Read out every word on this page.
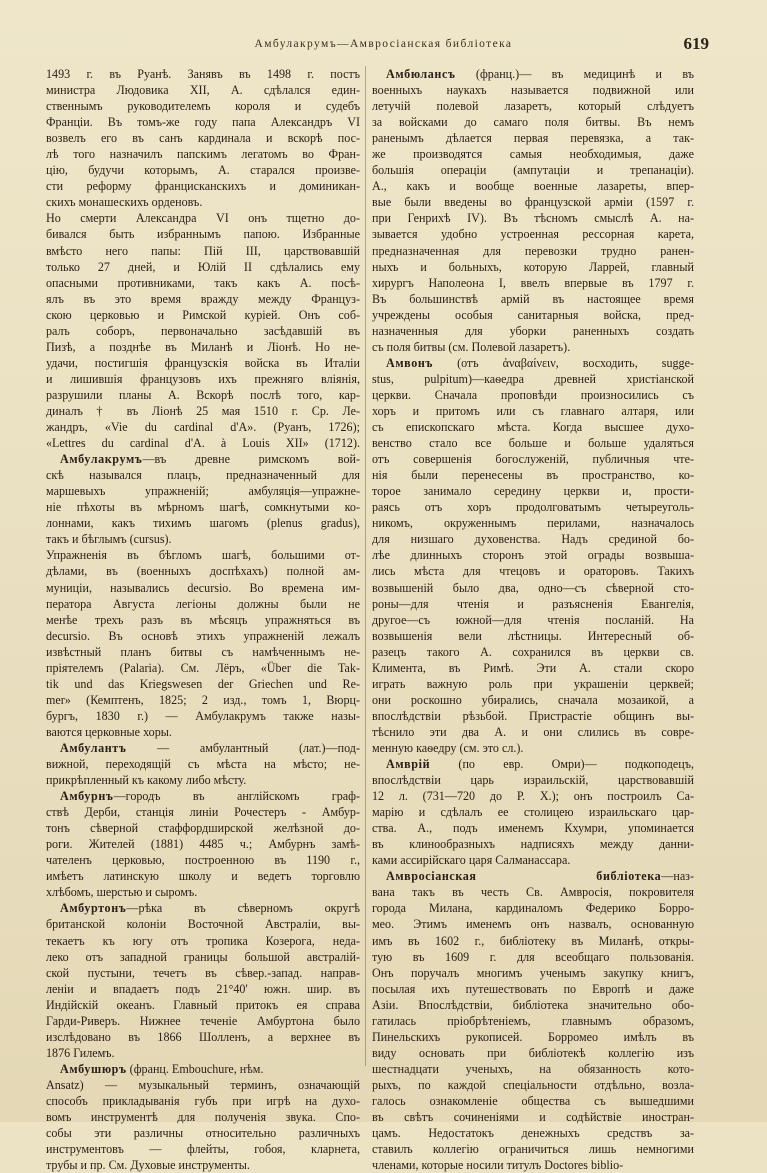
Амбулакрумъ—Амвросіанская библіотека	619
1493 г. въ Руанѣ. Занявъ въ 1498 г. постъ
министра Людовика XII, А. сдѣлался един-
ственнымъ руководителемъ короля и судебъ
Франціи. Въ томъ-же году папа Александръ VI
возвелъ его въ санъ кардинала и вскорѣ пос-
лѣ того назначилъ папскимъ легатомъ во Фран-
цію, будучи которымъ, А. старался произве-
сти реформу францисканскихъ и доминикан-
скихъ монашескихъ орденовъ.
Но смерти Александра VI онъ тщетно до-
бивался быть избраннымъ папою. Избранные
вмѣсто него папы: Пій III, царствовавшій
только 27 дней, и Юлій II сдѣлались ему
опасными противниками, такъ какъ А. посѣ-
ялъ въ это время вражду между Француз-
скою церковью и Римской куріей. Онъ соб-
ралъ соборъ, первоначально засѣдавшій въ
Пизѣ, а позднѣе въ Миланѣ и Ліонѣ. Но не-
удачи, постигшія французскія войска въ Италіи
и лишившія французовъ ихъ прежняго вліянія,
разрушили планы А. Вскорѣ послѣ того, кар-
диналъ † въ Ліонѣ 25 мая 1510 г. Ср. Ле-
жандръ, «Vie du cardinal d'A». (Руанъ, 1726);
«Lettres du cardinal d'A. à Louis XII» (1712).
Амбулакрумъ—въ древне римскомъ вой-
скѣ назывался плацъ, предназначенный для
маршевыхъ упражненій; амбуляція—упражне-
ніе пѣхоты въ мѣрномъ шагѣ, сомкнутыми ко-
лоннами, какъ тихимъ шагомъ (plenus gradus),
такъ и бѣглымъ (cursus).
Упражненія въ бѣгломъ шагѣ, большими от-
дѣлами, въ (военныхъ доспѣхахъ) полной ам-
муниціи, назывались decursio. Во времена им-
ператора Августа легіоны должны были не
менѣе трехъ разъ въ мѣсяцъ упражняться въ
decursio. Въ основѣ этихъ упражненій лежалъ
извѣстный планъ битвы съ намѣченнымъ не-
пріятелемъ (Palaria). См. Лёръ, «Über die Tak-
tik und das Kriegswesen der Griechen und Re-
mer» (Кемптенъ, 1825; 2 изд., томъ 1, Вюрц-
бургъ, 1830 г.) — Амбулакрумъ также назы-
ваются церковные хоры.
Амбулантъ — амбулантный (лат.)—под-
вижной, переходящій съ мѣста на мѣсто; не-
прикрѣпленный къ какому либо мѣсту.
Амбурнъ—городъ въ англійскомъ граф-
ствѣ Дерби, станція линіи Рочестеръ - Амбур-
тонъ сѣверной стаффордширской желѣзной до-
роги. Жителей (1881) 4485 ч.; Амбурнъ замѣ-
чателенъ церковью, построенною въ 1190 г.,
имѣетъ латинскую школу и ведетъ торговлю
хлѣбомъ, шерстью и сыромъ.
Амбуртонъ—рѣка въ сѣверномъ округѣ
британской колоніи Восточной Австраліи, вы-
текаетъ къ югу отъ тропика Козерога, неда-
леко отъ западной границы большой австралій-
ской пустыни, течетъ въ сѣвер.-запад. направ-
леніи и впадаетъ подъ 21°40' южн. шир. въ
Индійскій океанъ. Главный притокъ ея справа
Гарди-Риверъ. Нижнее теченіе Амбуртона было
изслѣдовано въ 1866 Шолленъ, а верхнее въ
1876 Гилемъ.
Амбушюръ (франц. Embouchure, нѣм.
Ansatz) — музыкальный терминъ, означающій
способъ прикладыванія губъ при игрѣ на духо-
вомъ инструментѣ для полученія звука. Спо-
собы эти различны относительно различныхъ
инструментовъ — флейты, гобоя, кларнета,
трубы и пр. См. Духовые инструменты.
Амбюлансъ (франц.)— въ медицинѣ и въ
военныхъ наукахъ называется подвижной или
летучій полевой лазаретъ, который слѣдуетъ
за войсками до самаго поля битвы. Въ немъ
раненымъ дѣлается первая перевязка, а так-
же производятся самыя необходимыя, даже
большія операціи (ампутаціи и трепанаціи).
А., какъ и вообще военные лазареты, впер-
вые были введены во французской арміи (1597 г.
при Генрихѣ IV). Въ тѣсномъ смыслѣ А. на-
зывается удобно устроенная рессорная карета,
предназначенная для перевозки трудно ранен-
ныхъ и больныхъ, которую Ларрей, главный
хирургъ Наполеона I, ввелъ впервые въ 1797 г.
Въ большинствѣ армій въ настоящее время
учреждены особыя санитарныя войска, пред-
назначенныя для уборки раненныхъ создать
съ поля битвы (см. Полевой лазаретъ).
Амвонъ (отъ ἀναβαίνειν, восходить, sugge-
stus, pulpitum)—каѳедра древней христіанской
церкви. Сначала проповѣди произносились съ
хоръ и притомъ или съ главнаго алтаря, или
съ епископскаго мѣста. Когда высшее духо-
венство стало все больше и больше удаляться
отъ совершенія богослуженій, публичныя чте-
нія были перенесены въ пространство, ко-
торое занимало середину церкви и, прости-
раясь отъ хоръ продолговатымъ четыреуголь-
никомъ, окруженнымъ перилами, назначалось
для низшаго духовенства. Надъ срединой бо-
лѣе длинныхъ сторонъ этой ограды возвыша-
лись мѣста для чтецовъ и ораторовъ. Такихъ
возвышеній было два, одно—съ сѣверной сто-
роны—для чтенія и разъясненія Евангелія,
другое—съ южной—для чтенія посланій. На
возвышенія вели лѣстницы. Интересный об-
разецъ такого А. сохранился въ церкви св.
Климента, въ Римѣ. Эти А. стали скоро
играть важную роль при украшеніи церквей;
они роскошно убирались, сначала мозаикой, а
впослѣдствіи рѣзьбой. Пристрастіе общинъ вы-
тѣснило эти два А. и они слились въ совре-
менную каѳедру (см. это сл.).
Амврій (по евр. Омри)— подкоподецъ,
впослѣдствіи царь израильскій, царствовавшій
12 л. (731—720 до Р. Х.); онъ построилъ Са-
марію и сдѣлалъ ее столицею израильскаго цар-
ства. А., подъ именемъ Кхумри, упоминается
въ клинообразныхъ надписяхъ между данни-
ками ассирійскаго царя Салманассара.
Амвросіанская библіотека—наз-
вана такъ въ честь Св. Амвросія, покровителя
города Милана, кардиналомъ Федерико Борро-
мео. Этимъ именемъ онъ назвалъ, основанную
имъ въ 1602 г., библіотеку въ Миланѣ, откры-
тую въ 1609 г. для всеобщаго пользованія.
Онъ поручалъ многимъ ученымъ закупку книгъ,
посылая ихъ путешествовать по Европѣ и даже
Азіи. Впослѣдствіи, библіотека значительно обо-
гатилась пріобрѣтеніемъ, главнымъ образомъ,
Пинельскихъ рукописей. Борромео имѣлъ въ
виду основать при библіотекѣ коллегію изъ
шестнадцати ученыхъ, на обязанность кото-
рыхъ, по каждой спеціальности отдѣльно, возла-
галось ознакомленіе общества съ вышедшими
въ свѣтъ сочиненіями и содѣйствіе иностран-
цамъ. Недостатокъ денежныхъ средствъ за-
ставилъ коллегію ограничиться лишь немногими
членами, которые носили титулъ Doctores biblio-
